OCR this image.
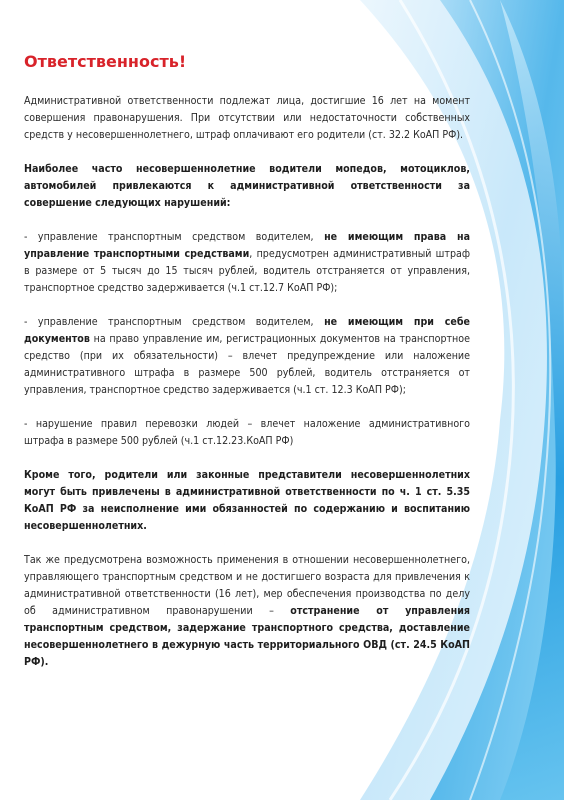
Ответственность!

Административной ответственности подлежат лица, достигшие 16 лет на момент совершения правонарушения. При отсутствии или недостаточности собственных средств у несовершеннолетнего, штраф оплачивают его родители (ст. 32.2 КоАП РФ).

Наиболее часто несовершеннолетние водители мопедов, мотоциклов, автомобилей привлекаются к административной ответственности за совершение следующих нарушений:

- управление транспортным средством водителем, не имеющим права на управление транспортными средствами, предусмотрен административный штраф в размере от 5 тысяч до 15 тысяч рублей, водитель отстраняется от управления, транспортное средство задерживается (ч.1 ст.12.7 КоАП РФ);

- управление транспортным средством водителем, не имеющим при себе документов на право управление им, регистрационных документов на транспортное средство (при их обязательности) – влечет предупреждение или наложение административного штрафа в размере 500 рублей, водитель отстраняется от управления, транспортное средство задерживается (ч.1 ст. 12.3 КоАП РФ);

- нарушение правил перевозки людей – влечет наложение административного штрафа в размере 500 рублей (ч.1 ст.12.23.КоАП РФ)

Кроме того, родители или законные представители несовершеннолетних могут быть привлечены в административной ответственности по ч. 1 ст. 5.35 КоАП РФ за неисполнение ими обязанностей по содержанию и воспитанию несовершеннолетних.

Так же предусмотрена возможность применения в отношении несовершеннолетнего, управляющего транспортным средством и не достигшего возраста для привлечения к административной ответственности (16 лет), мер обеспечения производства по делу об административном правонарушении – отстранение от управления транспортным средством, задержание транспортного средства, доставление несовершеннолетнего в дежурную часть территориального ОВД (ст. 24.5 КоАП РФ).
